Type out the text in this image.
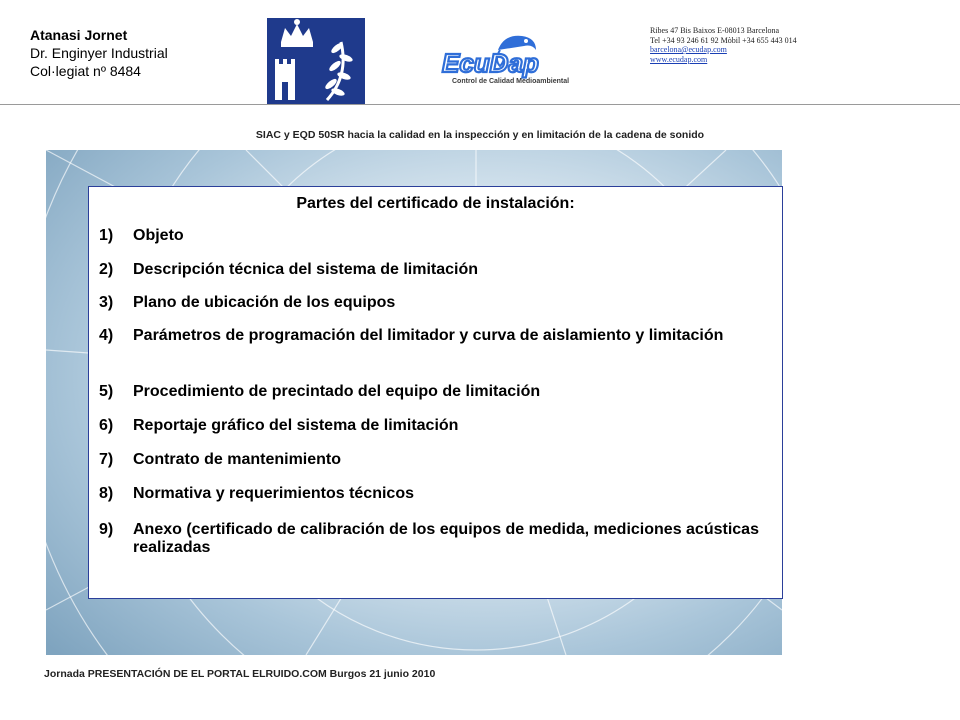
Atanasi Jornet
Dr. Enginyer Industrial
Col·legiat nº 8484	EcuDap
Control de Calidad Medioambiental
Ribes 47 Bis Baixos E-08013 Barcelona
Tel +34 93 246 61 92 Mòbil +34 655 443 014
barcelona@ecudap.com
www.ecudap.com
SIAC y EQD 50SR hacia la calidad en la inspección y en limitación de la cadena de sonido
Partes del certificado de instalación:
1)	Objeto
2)	Descripción técnica del sistema de limitación
3)	Plano de ubicación de los equipos
4)	Parámetros de programación del limitador y curva de aislamiento y limitación
5)	Procedimiento de precintado del equipo de limitación
6)	Reportaje gráfico del sistema de limitación
7)	Contrato de mantenimiento
8)	Normativa y requerimientos técnicos
9)	Anexo (certificado de calibración de los equipos de medida, mediciones acústicas realizadas
Jornada PRESENTACIÓN DE EL PORTAL ELRUIDO.COM Burgos 21 junio 2010
